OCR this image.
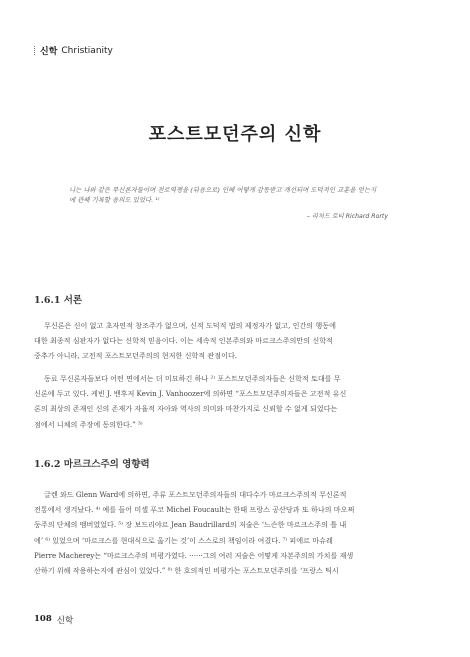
신학 Christianity
포스트모던주의 신학
니는 나와 같은 무신론자들이며 전로역쟁을 (뒤용으로) 인해 어떻게 감동받고 개선되며 도덕적인 교훈을 얻는지
에 관해 기록할 용의도 있었다. ¹⁾
– 리처드 로티 Richard Rorty
1.6.1 서론
무신론은 신이 없고 초자연적 창조주가 없으며, 신적 도덕적 법의 제정자가 없고, 인간의 행동에
대한 최종적 심판자가 없다는 신학적 믿음이다. 이는 세속적 인본주의와 마르크스주의만의 신학적
중추가 아니라, 고전적 포스트모던주의의 현저한 신학적 관점이다.
동료 무신론자들보다 어떤 면에서는 더 미묘하긴 하나 ²⁾ 포스트모던주의자들은 신학적 토대를 무
신론에 두고 있다. 케빈 J. 밴후저 Kevin J. Vanhoozer에 의하면 “포스트모던주의자들은 고전적 유신
론의 최상의 존재인 신의 존재가 자율적 자아와 역사의 의미와 마찬가지로 신뢰할 수 없게 되었다는
점에서 니체의 주장에 동의한다.” ³⁾
1.6.2 마르크스주의 영향력
글렌 와드 Glenn Ward에 의하면, 주류 포스트모던주의자들의 대다수가 마르크스주의적 무신론적
전통에서 생겨났다. ⁴⁾ 예를 들어 미셸 푸코 Michel Foucault는 한때 프랑스 공산당과 또 하나의 마오쩌
둥주의 단체의 멤버였었다. ⁵⁾ 장 보드리야르 Jean Baudrillard의 저술은 ‘느슨한 마르크스주의 틀 내
에’ ⁶⁾ 있었으며 ‘마르크스를 현대식으로 옮기는 것’이 스스로의 책임이라 여겼다. ⁷⁾ 피에르 마슈레
Pierre Macherey는 “마르크스주의 비평가였다. ······그의 여러 저술은 어떻게 자본주의의 가치를 재생
산하기 위해 작용하는지에 관심이 있었다.” ⁸⁾ 한 호의적인 비평가는 포스트모던주의를 ‘프랑스 틱시
108 신학
